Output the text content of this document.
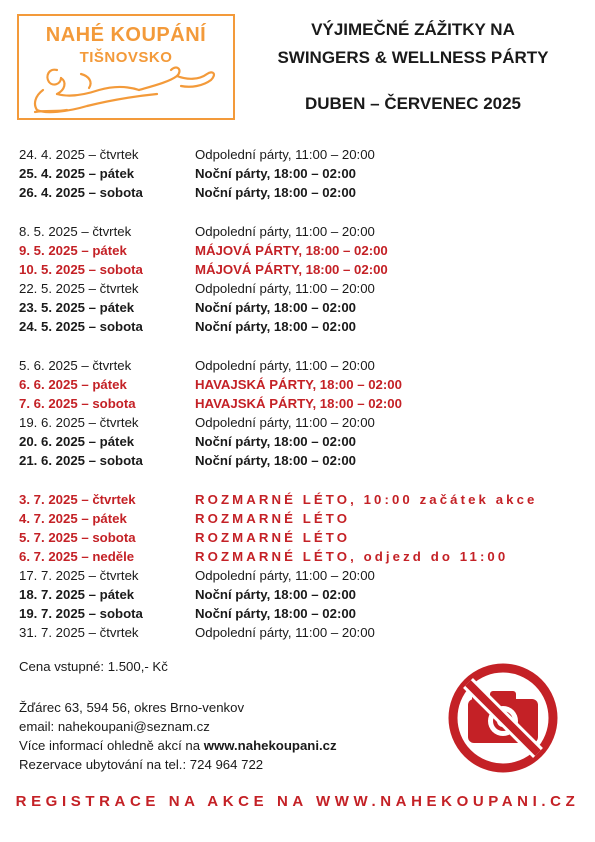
NAHÉ KOUPÁNÍ
TIŠNOVSKO
VÝJIMEČNÉ ZÁŽITKY NA
SWINGERS & WELLNESS PÁRTY
DUBEN – ČERVENEC 2025
24. 4. 2025 – čtvrtek	Odpolední párty, 11:00 – 20:00
25. 4. 2025 – pátek	Noční párty, 18:00 – 02:00
26. 4. 2025 – sobota	Noční párty, 18:00 – 02:00
8. 5. 2025 – čtvrtek	Odpolední párty, 11:00 – 20:00
9. 5. 2025 – pátek	MÁJOVÁ PÁRTY, 18:00 – 02:00
10. 5. 2025 – sobota	MÁJOVÁ PÁRTY, 18:00 – 02:00
22. 5. 2025 – čtvrtek	Odpolední párty, 11:00 – 20:00
23. 5. 2025 – pátek	Noční párty, 18:00 – 02:00
24. 5. 2025 – sobota	Noční párty, 18:00 – 02:00
5. 6. 2025 – čtvrtek	Odpolední párty, 11:00 – 20:00
6. 6. 2025 – pátek	HAVAJSKÁ PÁRTY, 18:00 – 02:00
7. 6. 2025 – sobota	HAVAJSKÁ PÁRTY, 18:00 – 02:00
19. 6. 2025 – čtvrtek	Odpolední párty, 11:00 – 20:00
20. 6. 2025 – pátek	Noční párty, 18:00 – 02:00
21. 6. 2025 – sobota	Noční párty, 18:00 – 02:00
3. 7. 2025 – čtvrtek	ROZMARNÉ LÉTO, 10:00 začátek akce
4. 7. 2025 – pátek	ROZMARNÉ LÉTO
5. 7. 2025 – sobota	ROZMARNÉ LÉTO
6. 7. 2025 – neděle	ROZMARNÉ LÉTO, odjezd do 11:00
17. 7. 2025 – čtvrtek	Odpolední párty, 11:00 – 20:00
18. 7. 2025 – pátek	Noční párty, 18:00 – 02:00
19. 7. 2025 – sobota	Noční párty, 18:00 – 02:00
31. 7. 2025 – čtvrtek	Odpolední párty, 11:00 – 20:00
Cena vstupné: 1.500,- Kč
Žďárec 63, 594 56, okres Brno-venkov
email: nahekoupani@seznam.cz
Více informací ohledně akcí na www.nahekoupani.cz
Rezervace ubytování na tel.: 724 964 722
REGISTRACE NA AKCE NA WWW.NAHEKOUPANI.CZ
